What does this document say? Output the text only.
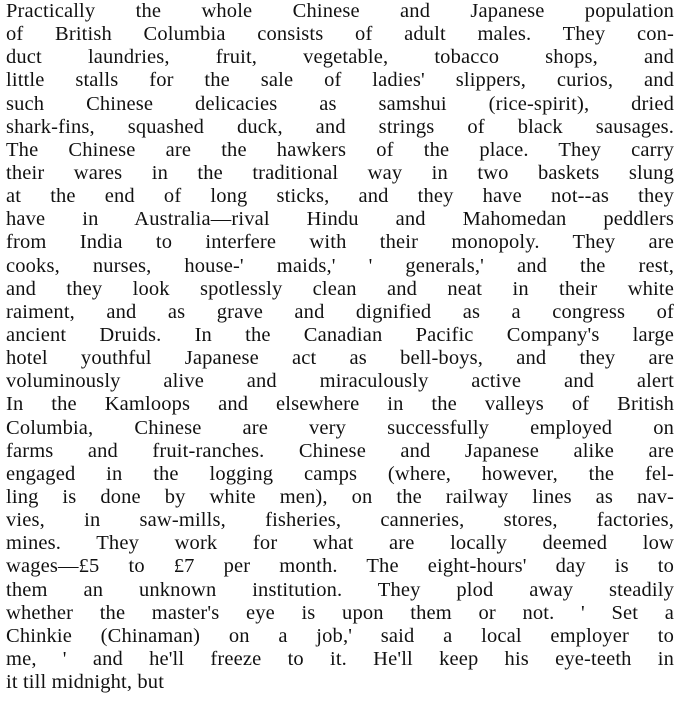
Practically the whole Chinese and Japanese population
of British Columbia consists of adult males. They con-
duct laundries, fruit, vegetable, tobacco shops, and
little stalls for the sale of ladies' slippers, curios, and
such Chinese delicacies as samshui (rice-spirit), dried
shark-fins, squashed duck, and strings of black sausages.
The Chinese are the hawkers of the place. They carry
their wares in the traditional way in two baskets slung
at the end of long sticks, and they have not--as they
have in Australia—rival Hindu and Mahomedan peddlers
from India to interfere with their monopoly. They are
cooks, nurses, house-' maids,' ' generals,' and the rest,
and they look spotlessly clean and neat in their white
raiment, and as grave and dignified as a congress of
ancient Druids. In the Canadian Pacific Company's large
hotel youthful Japanese act as bell-boys, and they are
voluminously alive and miraculously active and alert
In the Kamloops and elsewhere in the valleys of British
Columbia, Chinese are very successfully employed on
farms and fruit-ranches. Chinese and Japanese alike are
engaged in the logging camps (where, however, the fel-
ling is done by white men), on the railway lines as nav-
vies, in saw-mills, fisheries, canneries, stores, factories,
mines. They work for what are locally deemed low
wages—£5 to £7 per month. The eight-hours' day is to
them an unknown institution. They plod away steadily
whether the master's eye is upon them or not. ' Set a
Chinkie (Chinaman) on a job,' said a local employer to
me, ' and he'll freeze to it. He'll keep his eye-teeth in
it till midnight, but
